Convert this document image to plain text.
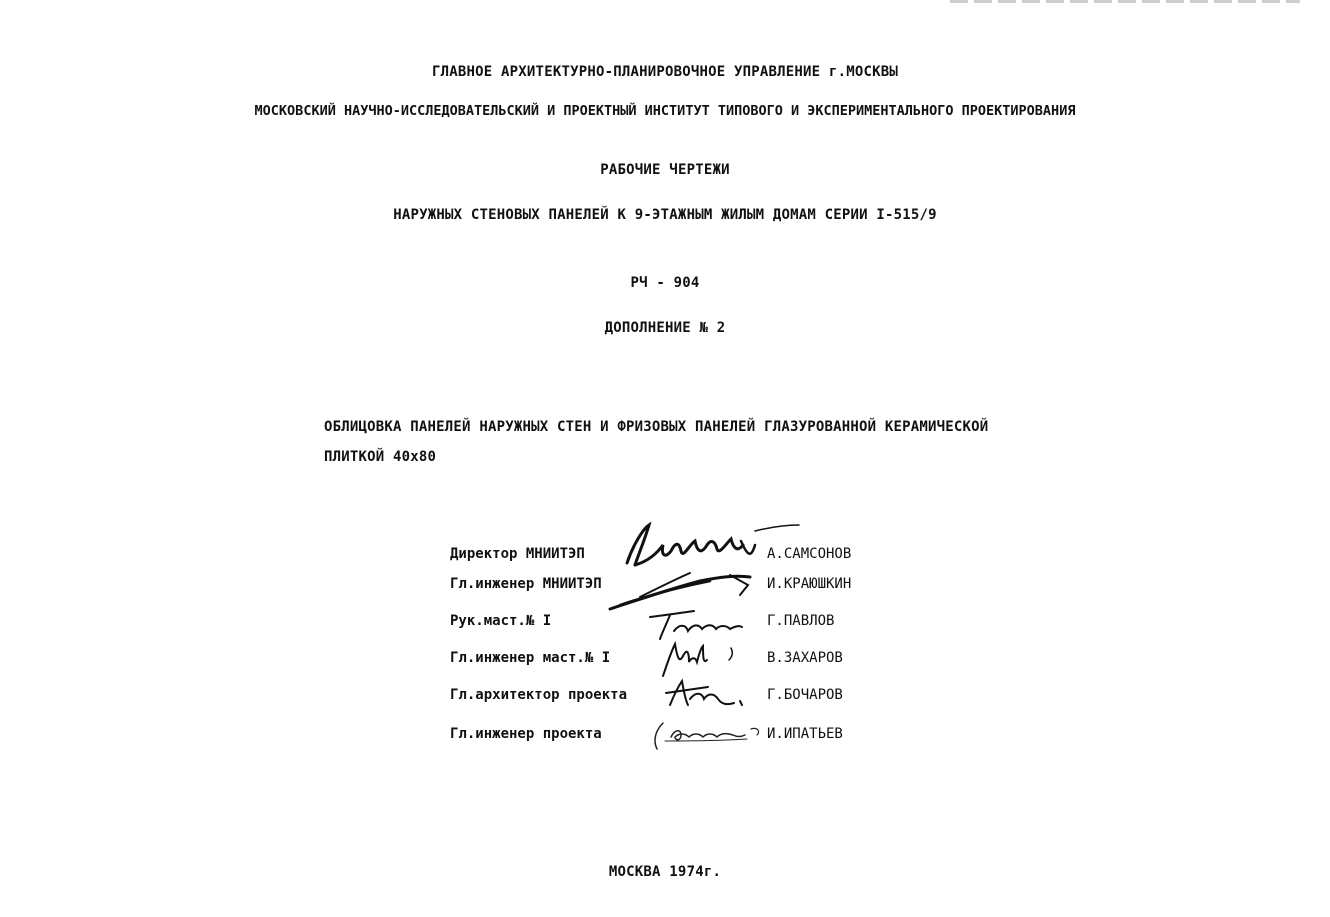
ГЛАВНОЕ АРХИТЕКТУРНО-ПЛАНИРОВОЧНОЕ УПРАВЛЕНИЕ г.МОСКВЫ
МОСКОВСКИЙ НАУЧНО-ИССЛЕДОВАТЕЛЬСКИЙ И ПРОЕКТНЫЙ ИНСТИТУТ ТИПОВОГО И ЭКСПЕРИМЕНТАЛЬНОГО ПРОЕКТИРОВАНИЯ
РАБОЧИЕ ЧЕРТЕЖИ
НАРУЖНЫХ СТЕНОВЫХ ПАНЕЛЕЙ К 9-ЭТАЖНЫМ ЖИЛЫМ ДОМАМ СЕРИИ I-515/9
РЧ - 904
ДОПОЛНЕНИЕ № 2
ОБЛИЦОВКА ПАНЕЛЕЙ НАРУЖНЫХ СТЕН И ФРИЗОВЫХ ПАНЕЛЕЙ ГЛАЗУРОВАННОЙ КЕРАМИЧЕСКОЙ
ПЛИТКОЙ 40х80
Директор МНИИТЭП	А.САМСОНОВ
Гл.инженер МНИИТЭП	И.КРАЮШКИН
Рук.маст.№ I	Г.ПАВЛОВ
Гл.инженер маст.№ I	В.ЗАХАРОВ
Гл.архитектор проекта	Г.БОЧАРОВ
Гл.инженер проекта	И.ИПАТЬЕВ
МОСКВА 1974г.
